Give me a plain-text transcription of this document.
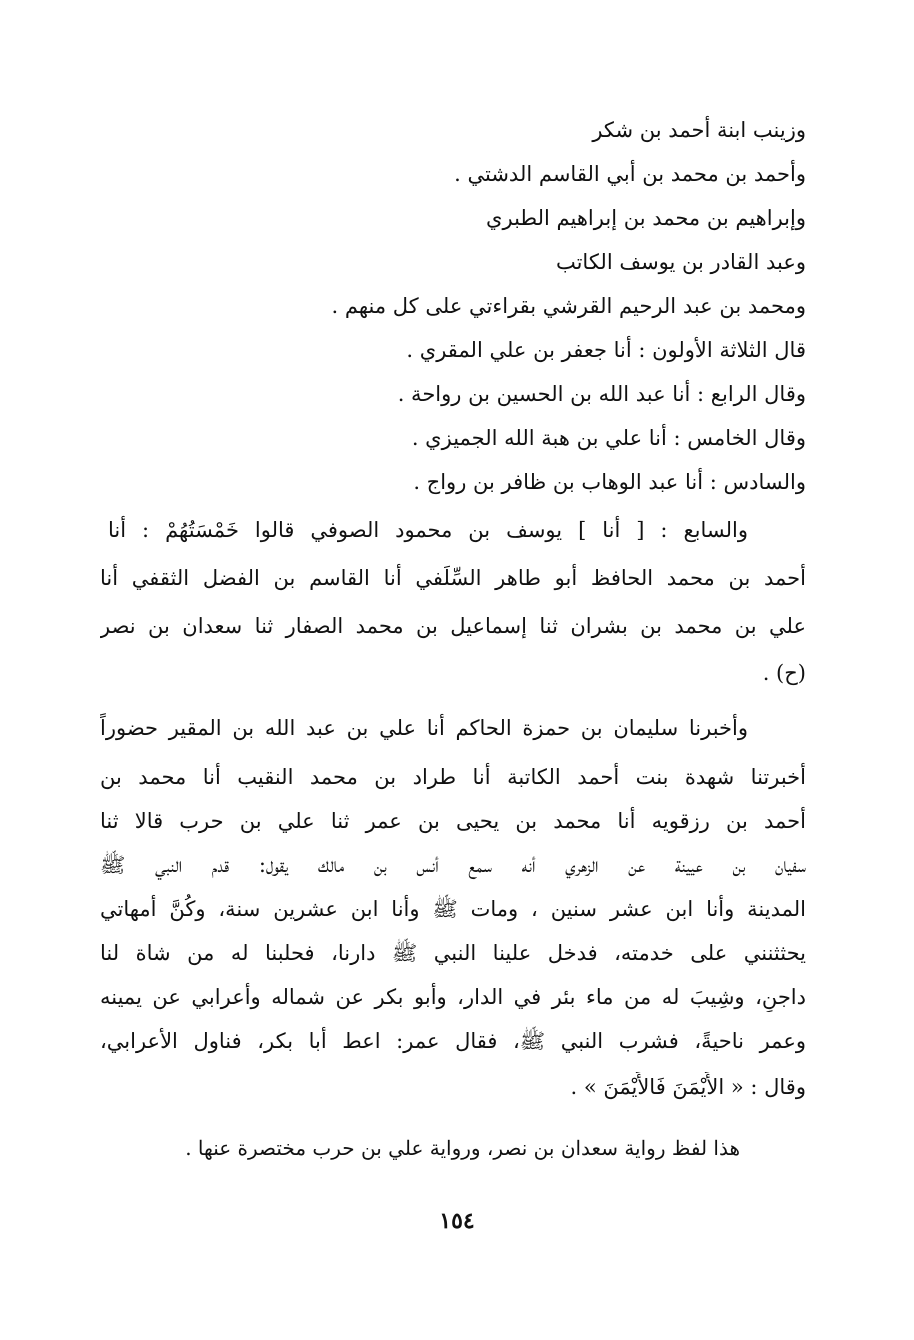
وزينب ابنة أحمد بن شكر
وأحمد بن محمد بن أبي القاسم الدشتي .
وإبراهيم بن محمد بن إبراهيم الطبري
وعبد القادر بن يوسف الكاتب
ومحمد بن عبد الرحيم القرشي بقراءتي على كل منهم .
قال الثلاثة الأولون : أنا جعفر بن علي المقري .
وقال الرابع : أنا عبد الله بن الحسين بن رواحة .
وقال الخامس : أنا علي بن هبة الله الجميزي .
والسادس : أنا عبد الوهاب بن ظافر بن رواج .
والسابع : [ أنا ] يوسف بن محمود الصوفي قالوا خَمْسَتُهُمْ : أنا
أحمد بن محمد الحافظ أبو طاهر السِّلَفي أنا القاسم بن الفضل الثقفي أنا
علي بن محمد بن بشران ثنا إسماعيل بن محمد الصفار ثنا سعدان بن نصر
(ح) .
وأخبرنا سليمان بن حمزة الحاكم أنا علي بن عبد الله بن المقير حضوراً
أخبرتنا شهدة بنت أحمد الكاتبة أنا طراد بن محمد النقيب أنا محمد بن
أحمد بن رزقويه أنا محمد بن يحيى بن عمر ثنا علي بن حرب قالا ثنا
سفيان بن عيينة عن الزهري أنه سمع أنس بن مالك يقول: قدم النبي ﷺ
المدينة وأنا ابن عشر سنين ، ومات ﷺ وأنا ابن عشرين سنة، وكُنَّ أمهاتي
يحثثنني على خدمته، فدخل علينا النبي ﷺ دارنا، فحلبنا له من شاة لنا
داجنٍ، وشِيبَ له من ماء بئر في الدار، وأبو بكر عن شماله وأعرابي عن يمينه
وعمر ناحيةً، فشرب النبي ﷺ، فقال عمر: اعط أبا بكر، فناول الأعرابي،
وقال : « الأَيْمَنَ فَالأَيْمَنَ » .
هذا لفظ رواية سعدان بن نصر، ورواية علي بن حرب مختصرة عنها .
١٥٤
